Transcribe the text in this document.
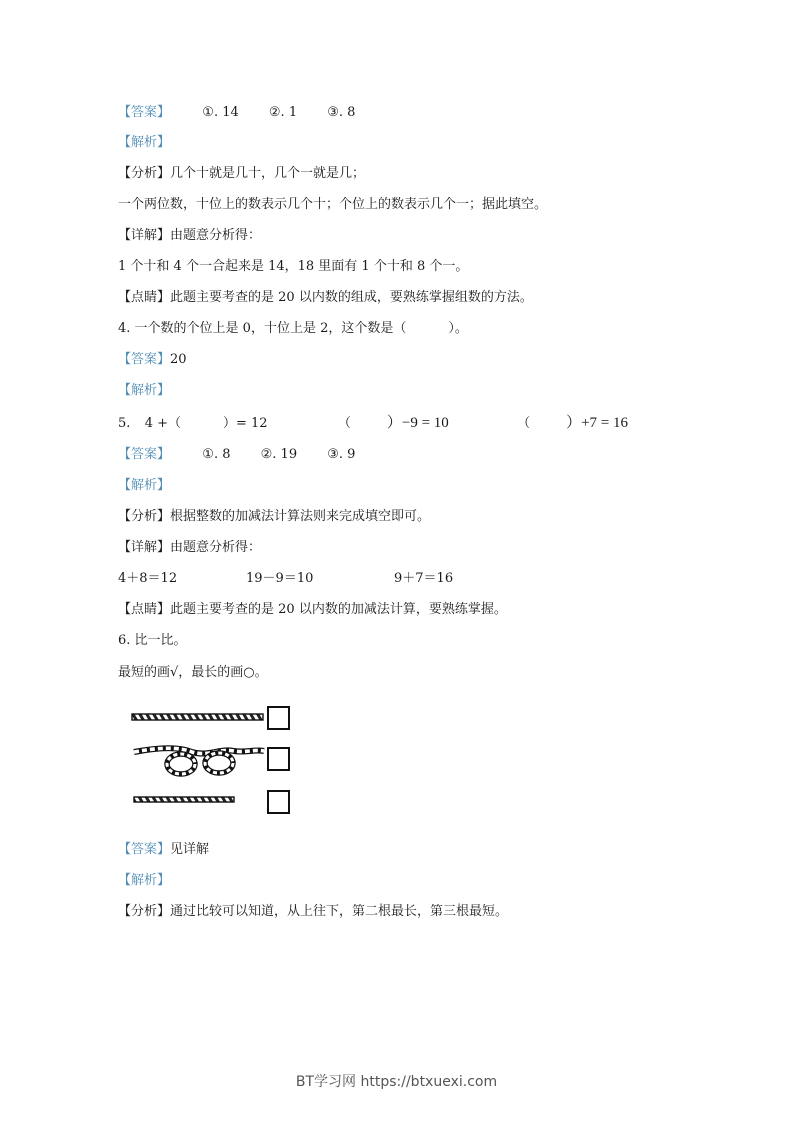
【答案】 ①. 14 ②. 1 ③. 8
【解析】
【分析】几个十就是几十，几个一就是几；
一个两位数，十位上的数表示几个十；个位上的数表示几个一；据此填空。
【详解】由题意分析得：
1 个十和 4 个一合起来是 14，18 里面有 1 个十和 8 个一。
【点睛】此题主要考查的是 20 以内数的组成，要熟练掌握组数的方法。
4. 一个数的个位上是 0，十位上是 2，这个数是（	）。
【答案】20
【解析】
5. 4 +（	）= 12	（ ）−9 = 10	（ ）+7 = 16
【答案】 ①. 8 ②. 19 ③. 9
【解析】
【分析】根据整数的加减法计算法则来完成填空即可。
【详解】由题意分析得：
4＋8＝12	19－9＝10	9＋7＝16
【点睛】此题主要考查的是 20 以内数的加减法计算，要熟练掌握。
6. 比一比。
最短的画√，最长的画○。
【答案】见详解
【解析】
【分析】通过比较可以知道，从上往下，第二根最长，第三根最短。
BT学习网 https://btxuexi.com
